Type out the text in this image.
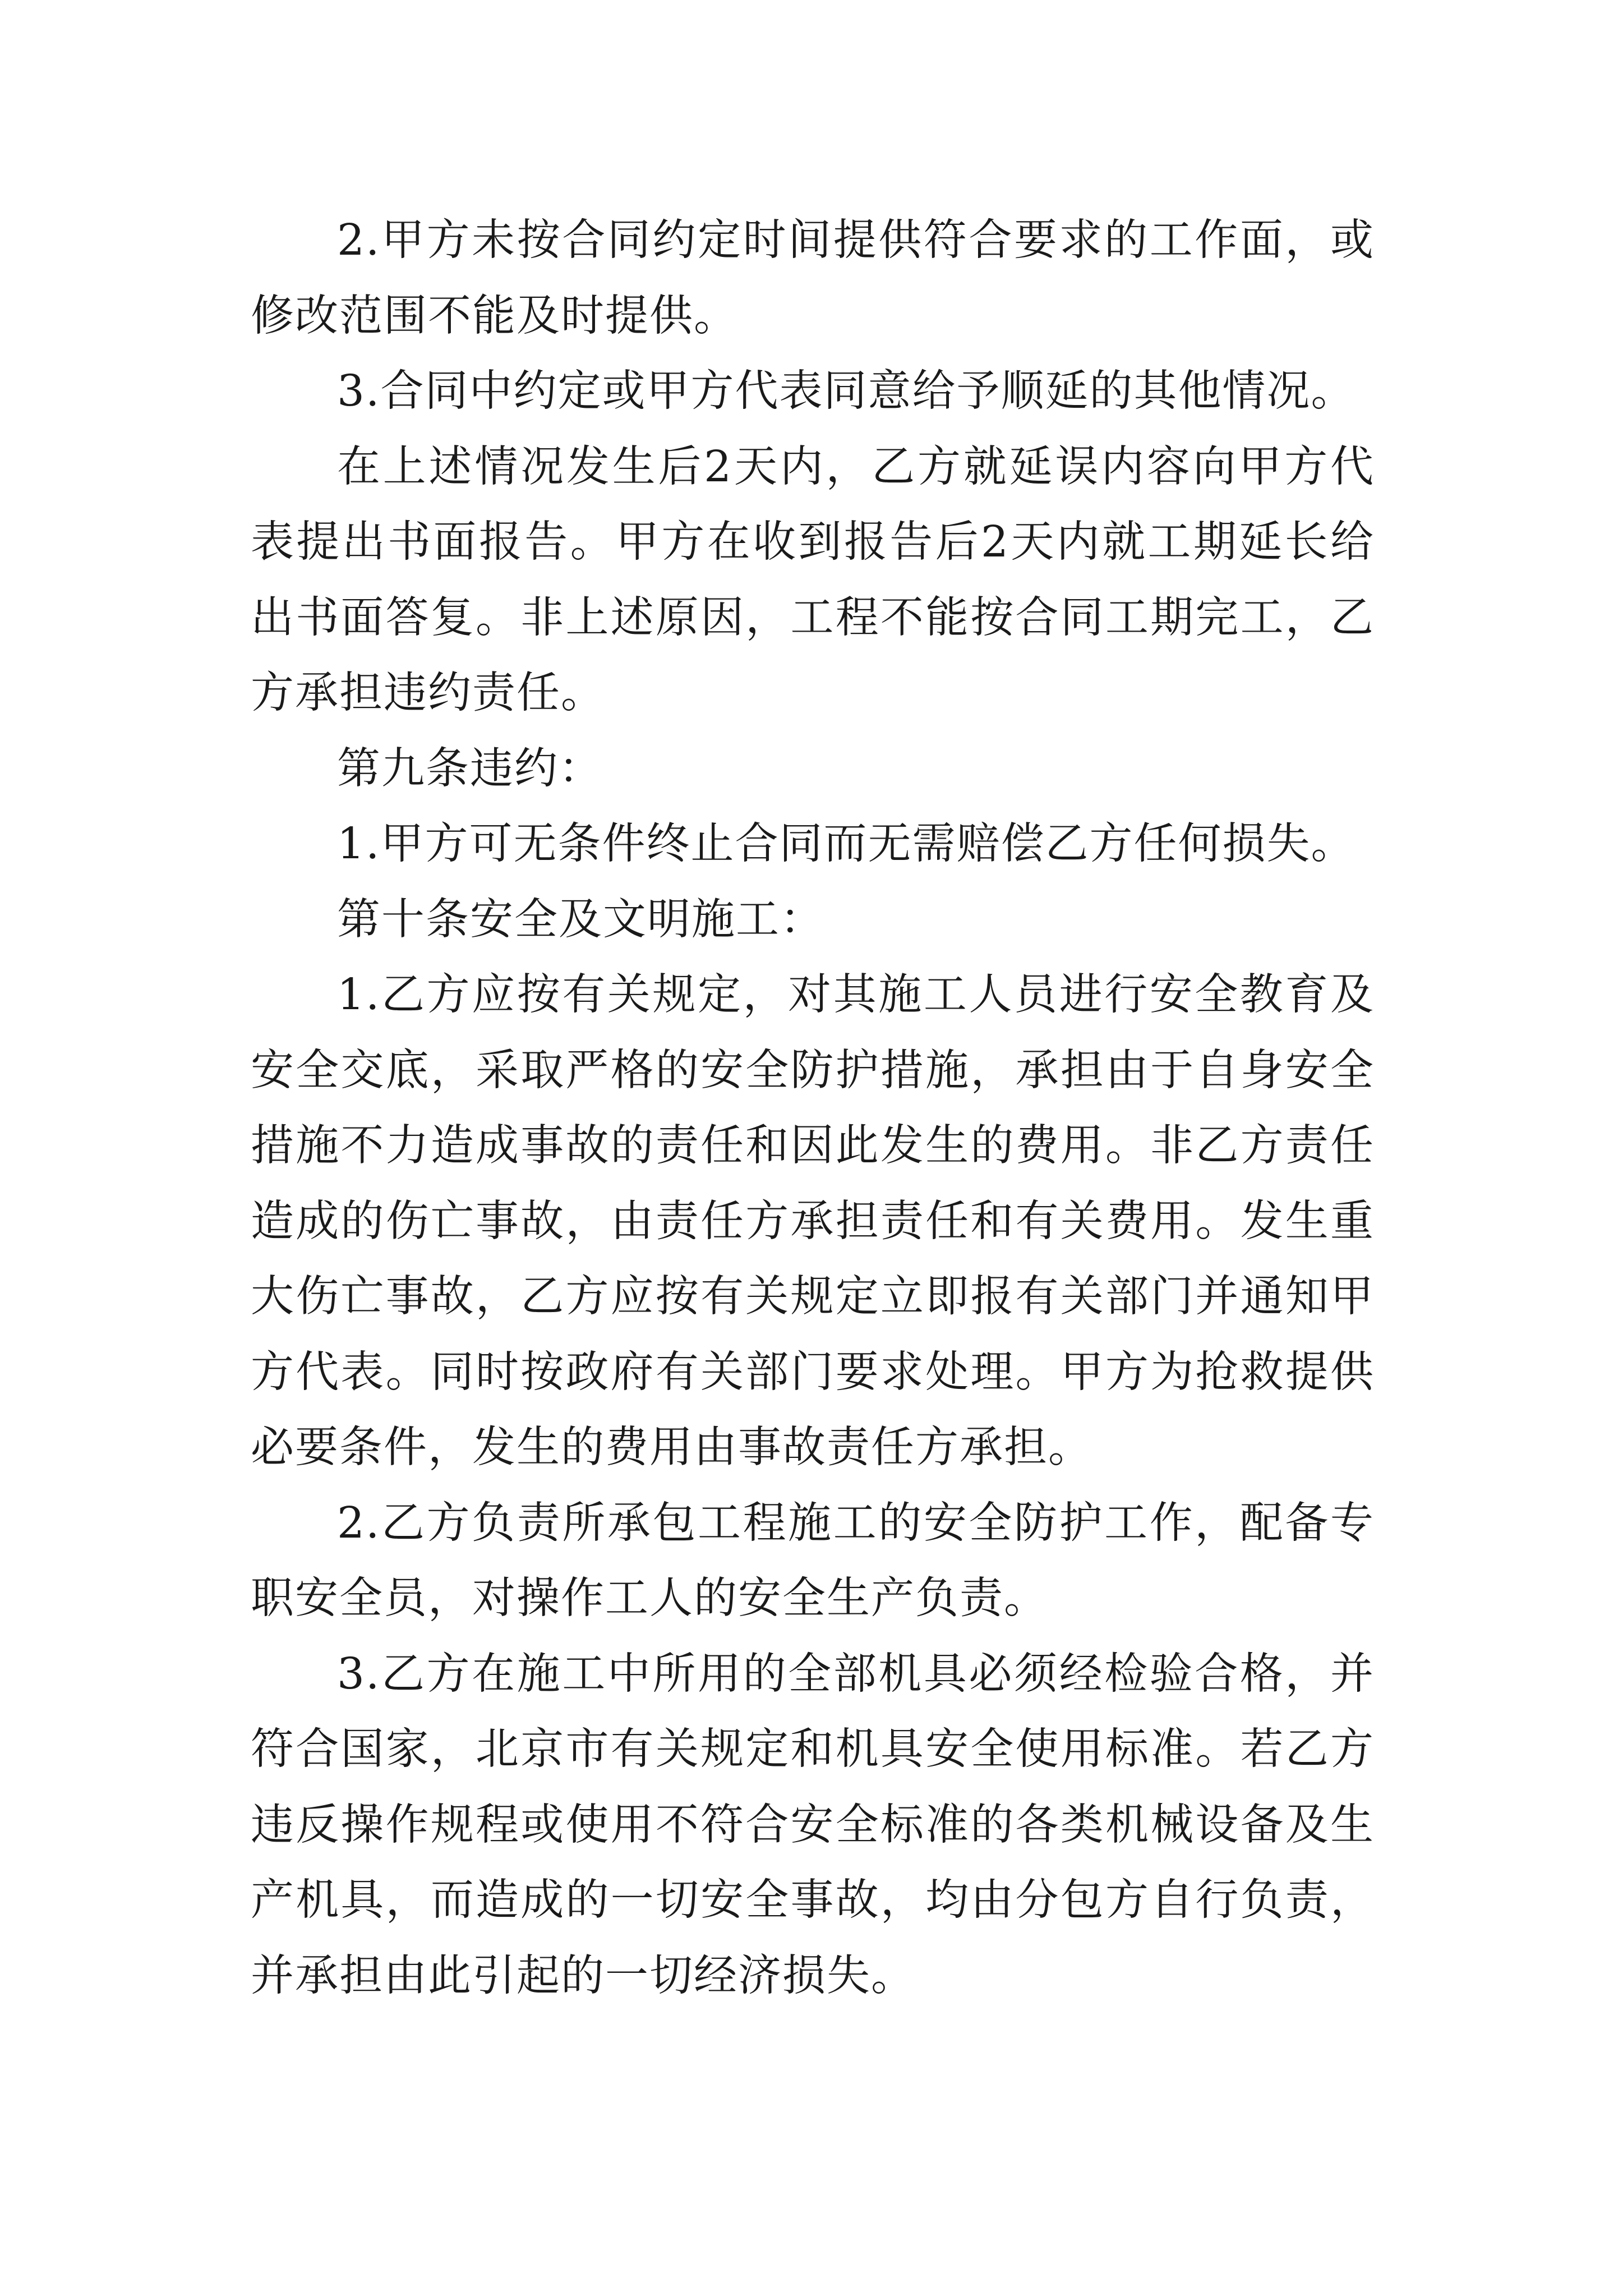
2.甲方未按合同约定时间提供符合要求的工作面，或修改范围不能及时提供。

3.合同中约定或甲方代表同意给予顺延的其他情况。

在上述情况发生后2天内，乙方就延误内容向甲方代表提出书面报告。甲方在收到报告后2天内就工期延长给出书面答复。非上述原因，工程不能按合同工期完工，乙方承担违约责任。

第九条违约：

1.甲方可无条件终止合同而无需赔偿乙方任何损失。

第十条安全及文明施工：

1.乙方应按有关规定，对其施工人员进行安全教育及安全交底，采取严格的安全防护措施，承担由于自身安全措施不力造成事故的责任和因此发生的费用。非乙方责任造成的伤亡事故，由责任方承担责任和有关费用。发生重大伤亡事故，乙方应按有关规定立即报有关部门并通知甲方代表。同时按政府有关部门要求处理。甲方为抢救提供必要条件，发生的费用由事故责任方承担。

2.乙方负责所承包工程施工的安全防护工作，配备专职安全员，对操作工人的安全生产负责。

3.乙方在施工中所用的全部机具必须经检验合格，并符合国家，北京市有关规定和机具安全使用标准。若乙方违反操作规程或使用不符合安全标准的各类机械设备及生产机具，而造成的一切安全事故，均由分包方自行负责，并承担由此引起的一切经济损失。
